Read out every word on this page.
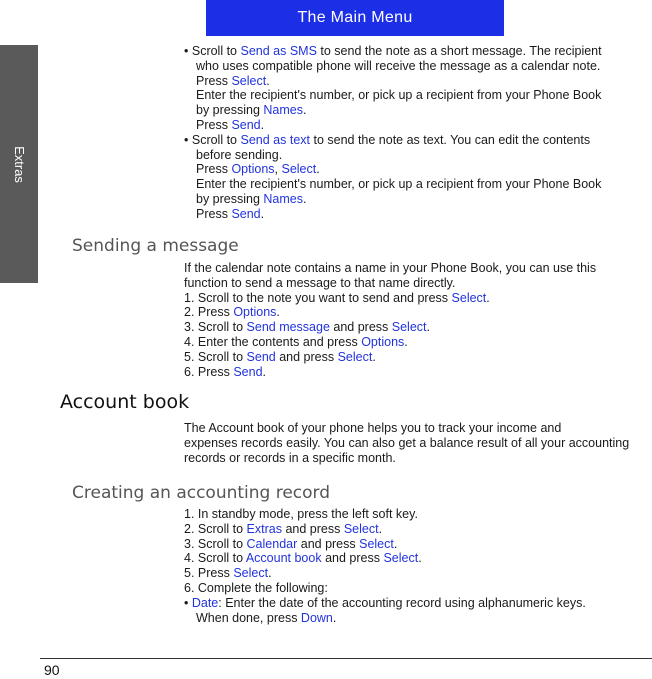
The Main Menu
Extras

• Scroll to Send as SMS to send the note as a short message. The recipient

who uses compatible phone will receive the message as a calendar note.

Press Select.

Enter the recipient's number, or pick up a recipient from your Phone Book

by pressing Names.

Press Send.

• Scroll to Send as text to send the note as text. You can edit the contents

before sending.

Press Options, Select.

Enter the recipient's number, or pick up a recipient from your Phone Book

by pressing Names.

Press Send.

Sending a message

If the calendar note contains a name in your Phone Book, you can use this

function to send a message to that name directly.

1. Scroll to the note you want to send and press Select.

2. Press Options.

3. Scroll to Send message and press Select.

4. Enter the contents and press Options.

5. Scroll to Send and press Select.

6. Press Send.

Account book

The Account book of your phone helps you to track your income and

expenses records easily. You can also get a balance result of all your accounting

records or records in a specific month.

Creating an accounting record

1. In standby mode, press the left soft key.

2. Scroll to Extras and press Select.

3. Scroll to Calendar and press Select.

4. Scroll to Account book and press Select.

5. Press Select.

6. Complete the following:

• Date: Enter the date of the accounting record using alphanumeric keys.

When done, press Down.

90
